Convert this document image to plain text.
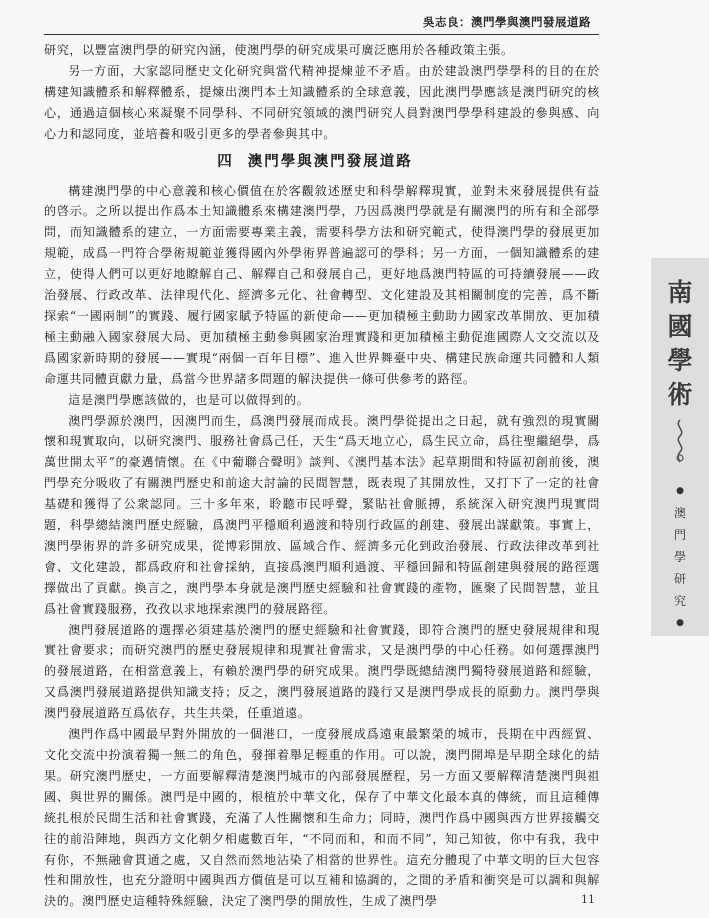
吳志良：澳門學與澳門發展道路

研究，以豐富澳門學的研究內涵，使澳門學的研究成果可廣泛應用於各種政策主張。

另一方面，大家認同歷史文化研究與當代精神提煉並不矛盾。由於建設澳門學學科的目的在於構建知識體系和解釋體系，提煉出澳門本土知識體系的全球意義，因此澳門學應該是澳門研究的核心，通過這個核心來凝聚不同學科、不同研究領域的澳門研究人員對澳門學學科建設的參與感、向心力和認同度，並培養和吸引更多的學者參與其中。

四 澳門學與澳門發展道路

構建澳門學的中心意義和核心價值在於客觀敘述歷史和科學解釋現實，並對未來發展提供有益的啓示。之所以提出作爲本土知識體系來構建澳門學，乃因爲澳門學就是有關澳門的所有和全部學問，而知識體系的建立，一方面需要專業主義，需要科學方法和研究範式，使得澳門學的發展更加規範，成爲一門符合學術規範並獲得國內外學術界普遍認可的學科；另一方面，一個知識體系的建立，使得人們可以更好地瞭解自己、解釋自己和發展自己，更好地爲澳門特區的可持續發展——政治發展、行政改革、法律現代化、經濟多元化、社會轉型、文化建設及其相關制度的完善，爲不斷探索“一國兩制”的實踐、履行國家賦予特區的新使命——更加積極主動助力國家改革開放、更加積極主動融入國家發展大局、更加積極主動參與國家治理實踐和更加積極主動促進國際人文交流以及爲國家新時期的發展——實現“兩個一百年目標”、進入世界舞臺中央、構建民族命運共同體和人類命運共同體貢獻力量，爲當今世界諸多問題的解決提供一條可供參考的路徑。

這是澳門學應該做的，也是可以做得到的。

澳門學源於澳門，因澳門而生，爲澳門發展而成長。澳門學從提出之日起，就有強烈的現實關懷和現實取向，以研究澳門、服務社會爲己任，天生“爲天地立心，爲生民立命，爲往聖繼絕學，爲萬世開太平”的豪邁情懷。在《中葡聯合聲明》談判、《澳門基本法》起草期間和特區初創前後，澳門學充分吸收了有關澳門歷史和前途大討論的民間智慧，既表現了其開放性，又打下了一定的社會基礎和獲得了公衆認同。三十多年來，聆聽市民呼聲，緊貼社會脈搏，系統深入研究澳門現實問題，科學總結澳門歷史經驗，爲澳門平穩順利過渡和特別行政區的創建、發展出謀獻策。事實上，澳門學術界的許多研究成果，從博彩開放、區域合作、經濟多元化到政治發展、行政法律改革到社會、文化建設，都爲政府和社會採納，直接爲澳門順利過渡、平穩回歸和特區創建與發展的路徑選擇做出了貢獻。換言之，澳門學本身就是澳門歷史經驗和社會實踐的產物，匯聚了民間智慧，並且爲社會實踐服務，孜孜以求地探索澳門的發展路徑。

澳門發展道路的選擇必須建基於澳門的歷史經驗和社會實踐，即符合澳門的歷史發展規律和現實社會要求；而研究澳門的歷史發展規律和現實社會需求，又是澳門學的中心任務。如何選擇澳門的發展道路，在相當意義上，有賴於澳門學的研究成果。澳門學既總結澳門獨特發展道路和經驗，又爲澳門發展道路提供知識支持；反之，澳門發展道路的踐行又是澳門學成長的原動力。澳門學與澳門發展道路互爲依存，共生共榮，任重道遠。

澳門作爲中國最早對外開放的一個港口，一度發展成爲遠東最繁榮的城市，長期在中西經貿、文化交流中扮演着獨一無二的角色，發揮着舉足輕重的作用。可以說，澳門開埠是早期全球化的結果。研究澳門歷史，一方面要解釋清楚澳門城市的內部發展歷程，另一方面又要解釋清楚澳門與祖國、與世界的關係。澳門是中國的，根植於中華文化，保存了中華文化最本真的傳統，而且這種傳統扎根於民間生活和社會實踐，充滿了人性關懷和生命力；同時，澳門作爲中國與西方世界接觸交往的前沿陣地，與西方文化朝夕相處數百年，“不同而和，和而不同”，知己知彼，你中有我，我中有你，不無融會貫通之處，又自然而然地沾染了相當的世界性。這充分體現了中華文明的巨大包容性和開放性，也充分證明中國與西方價值是可以互補和協調的，之間的矛盾和衝突是可以調和與解決的。澳門歷史這種特殊經驗，決定了澳門學的開放性，生成了澳門學

南
國
學
術
●
澳
門
學
研
究
●
11
